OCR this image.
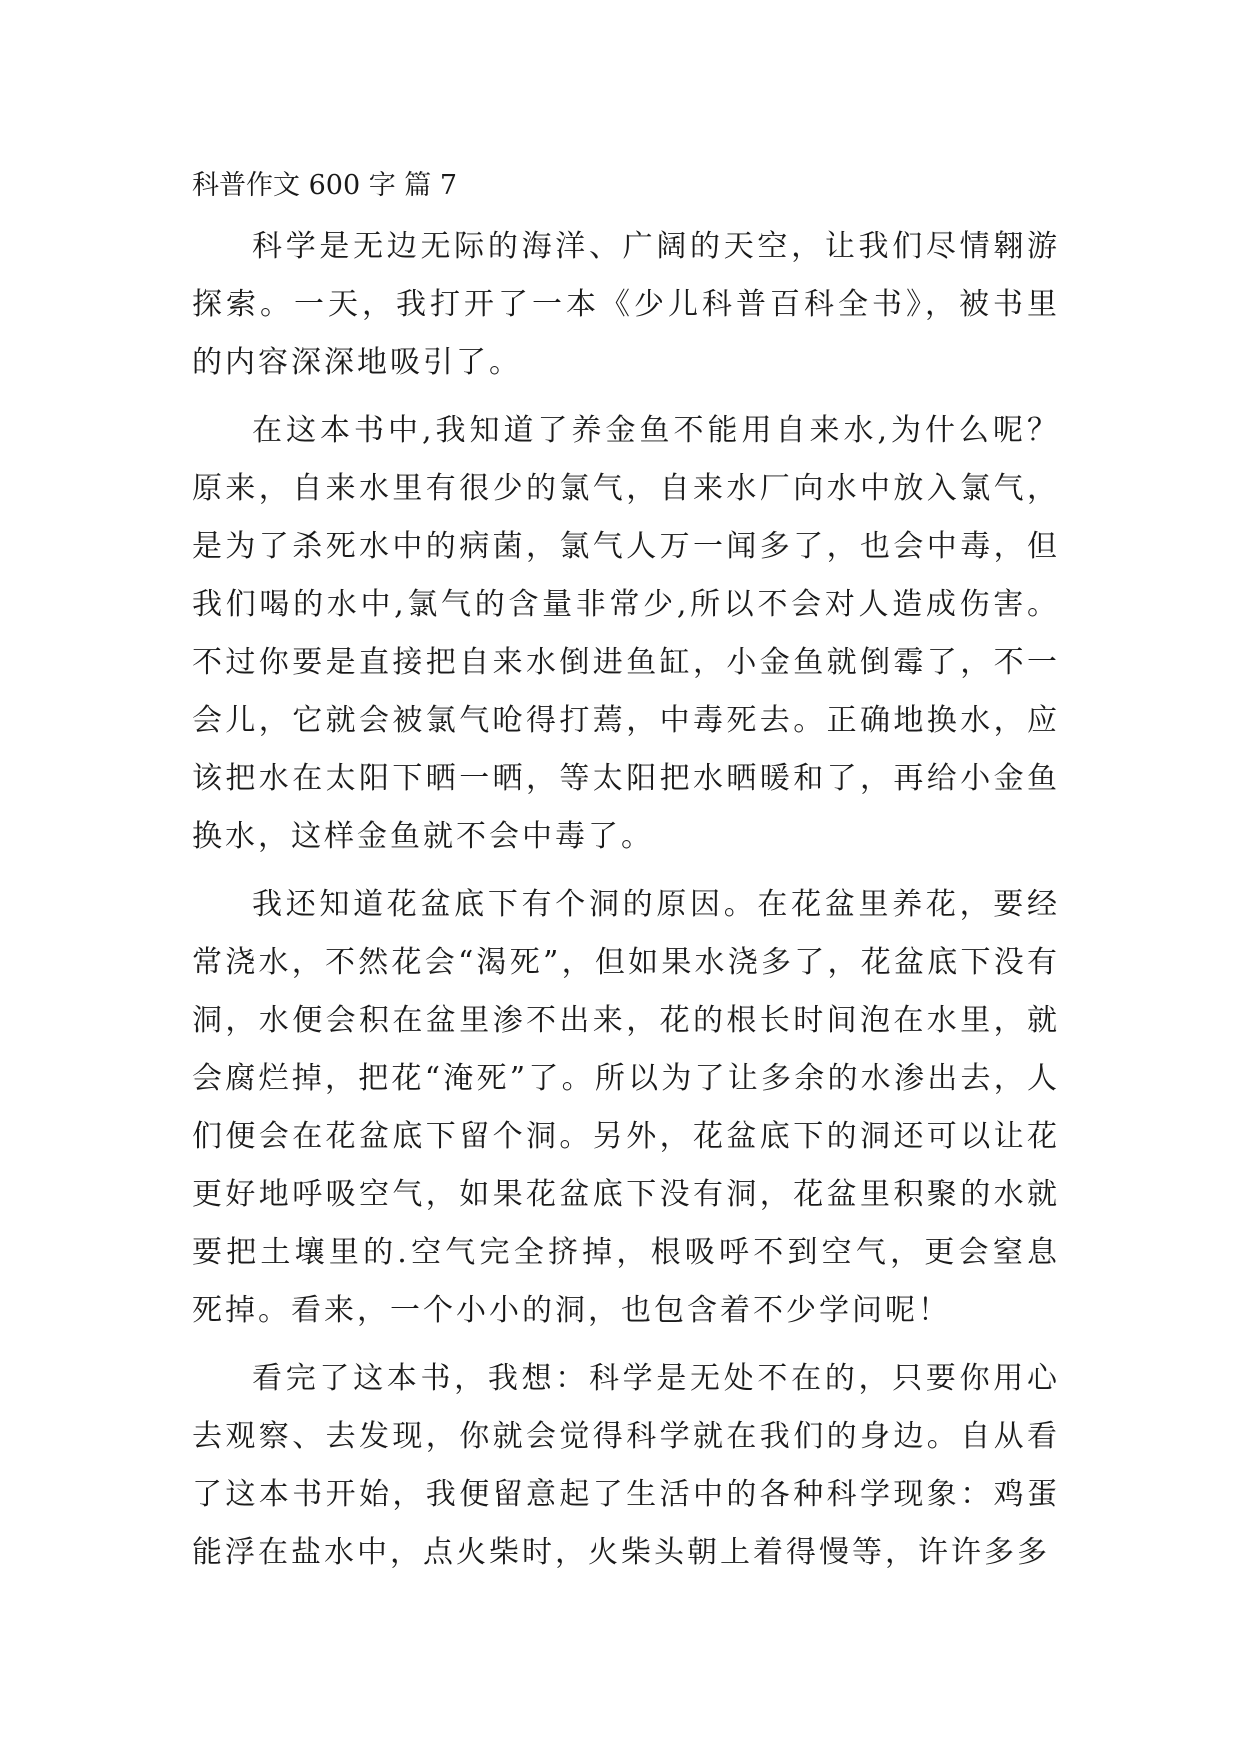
科普作文 600 字 篇 7

科学是无边无际的海洋、广阔的天空，让我们尽情翱游探索。一天，我打开了一本《少儿科普百科全书》，被书里的内容深深地吸引了。

在这本书中,我知道了养金鱼不能用自来水,为什么呢？原来，自来水里有很少的氯气，自来水厂向水中放入氯气，是为了杀死水中的病菌，氯气人万一闻多了，也会中毒，但我们喝的水中,氯气的含量非常少,所以不会对人造成伤害。不过你要是直接把自来水倒进鱼缸，小金鱼就倒霉了，不一会儿，它就会被氯气呛得打蔫，中毒死去。正确地换水，应该把水在太阳下晒一晒，等太阳把水晒暖和了，再给小金鱼换水，这样金鱼就不会中毒了。

我还知道花盆底下有个洞的原因。在花盆里养花，要经常浇水，不然花会“渴死”，但如果水浇多了，花盆底下没有洞，水便会积在盆里渗不出来，花的根长时间泡在水里，就会腐烂掉，把花“淹死”了。所以为了让多余的水渗出去，人们便会在花盆底下留个洞。另外，花盆底下的洞还可以让花更好地呼吸空气，如果花盆底下没有洞，花盆里积聚的水就要把土壤里的.空气完全挤掉，根吸呼不到空气，更会窒息死掉。看来，一个小小的洞，也包含着不少学问呢！

看完了这本书，我想：科学是无处不在的，只要你用心去观察、去发现，你就会觉得科学就在我们的身边。自从看了这本书开始，我便留意起了生活中的各种科学现象：鸡蛋能浮在盐水中，点火柴时，火柴头朝上着得慢等，许许多多
